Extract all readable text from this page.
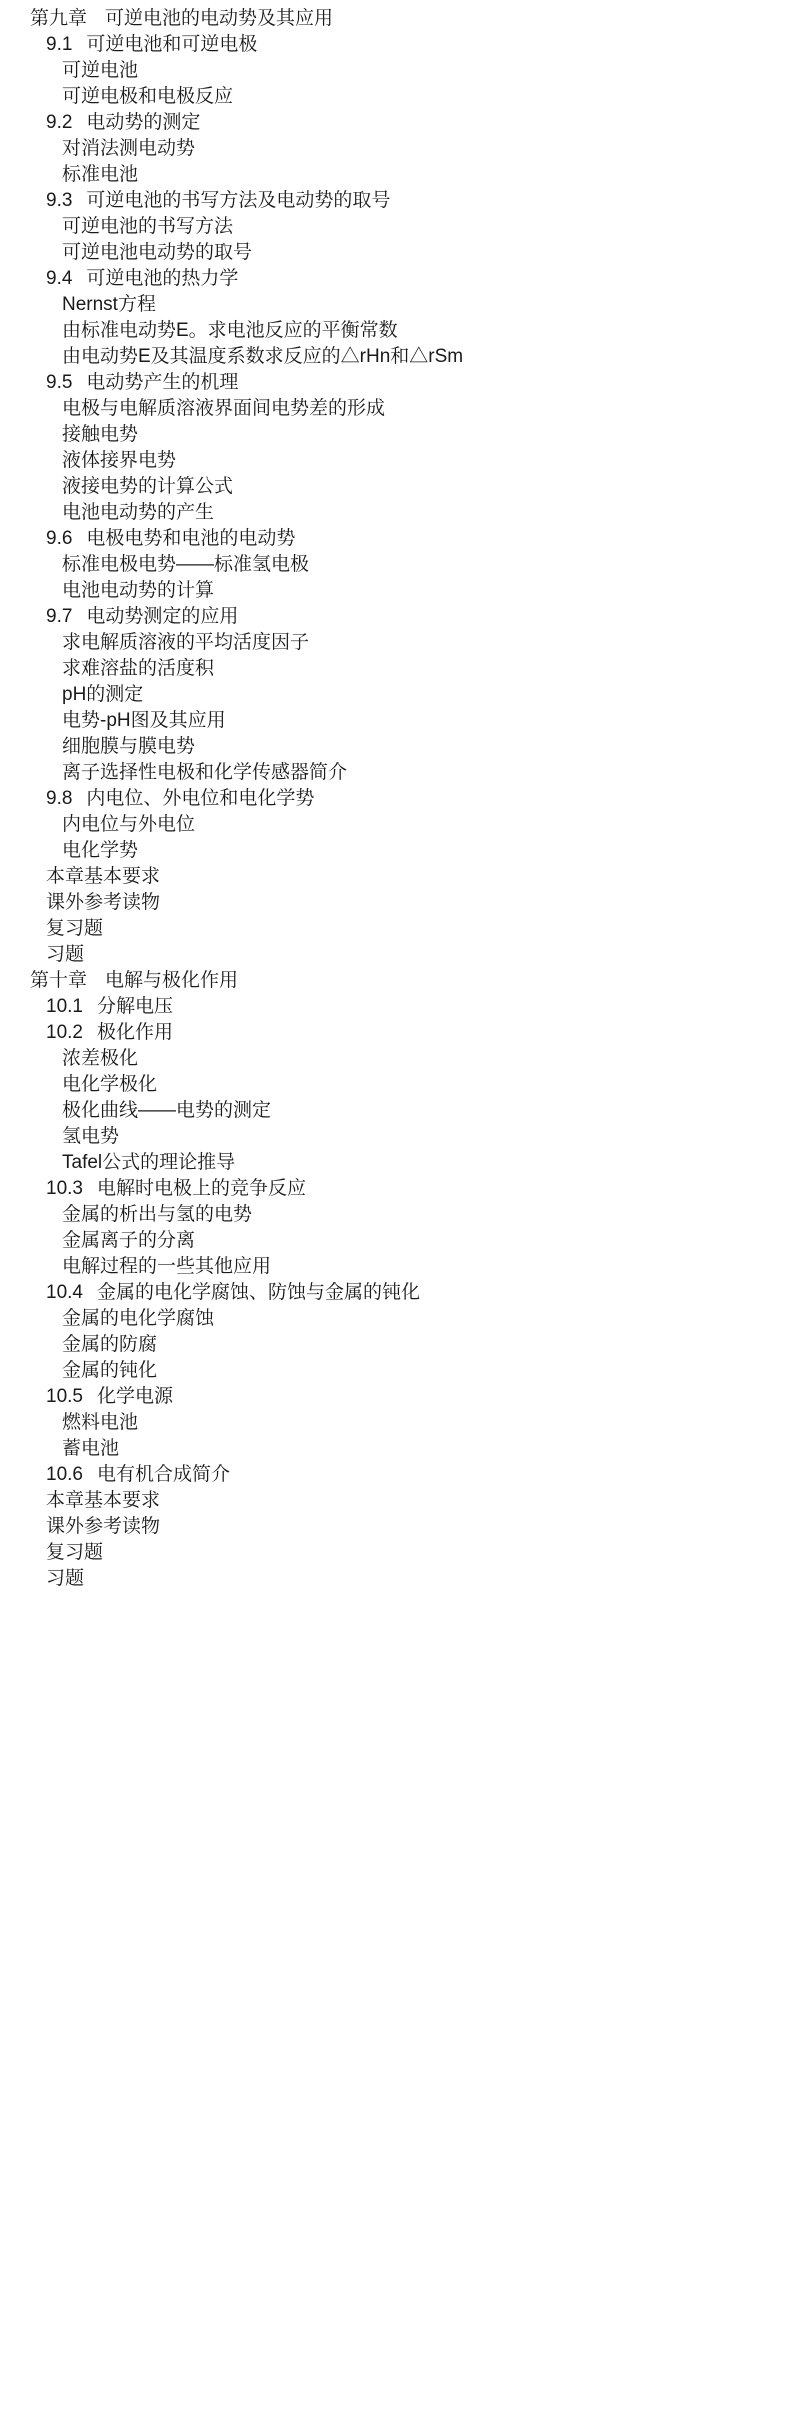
第九章 可逆电池的电动势及其应用
9.1 可逆电池和可逆电极
可逆电池
可逆电极和电极反应
9.2 电动势的测定
对消法测电动势
标准电池
9.3 可逆电池的书写方法及电动势的取号
可逆电池的书写方法
可逆电池电动势的取号
9.4 可逆电池的热力学
Nernst方程
由标准电动势E。求电池反应的平衡常数
由电动势E及其温度系数求反应的△rHn和△rSm
9.5 电动势产生的机理
电极与电解质溶液界面间电势差的形成
接触电势
液体接界电势
液接电势的计算公式
电池电动势的产生
9.6 电极电势和电池的电动势
标准电极电势——标准氢电极
电池电动势的计算
9.7 电动势测定的应用
求电解质溶液的平均活度因子
求难溶盐的活度积
pH的测定
电势-pH图及其应用
细胞膜与膜电势
离子选择性电极和化学传感器简介
9.8 内电位、外电位和电化学势
内电位与外电位
电化学势
本章基本要求
课外参考读物
复习题
习题
第十章 电解与极化作用
10.1 分解电压
10.2 极化作用
浓差极化
电化学极化
极化曲线——电势的测定
氢电势
Tafel公式的理论推导
10.3 电解时电极上的竞争反应
金属的析出与氢的电势
金属离子的分离
电解过程的一些其他应用
10.4 金属的电化学腐蚀、防蚀与金属的钝化
金属的电化学腐蚀
金属的防腐
金属的钝化
10.5 化学电源
燃料电池
蓄电池
10.6 电有机合成简介
本章基本要求
课外参考读物
复习题
习题
